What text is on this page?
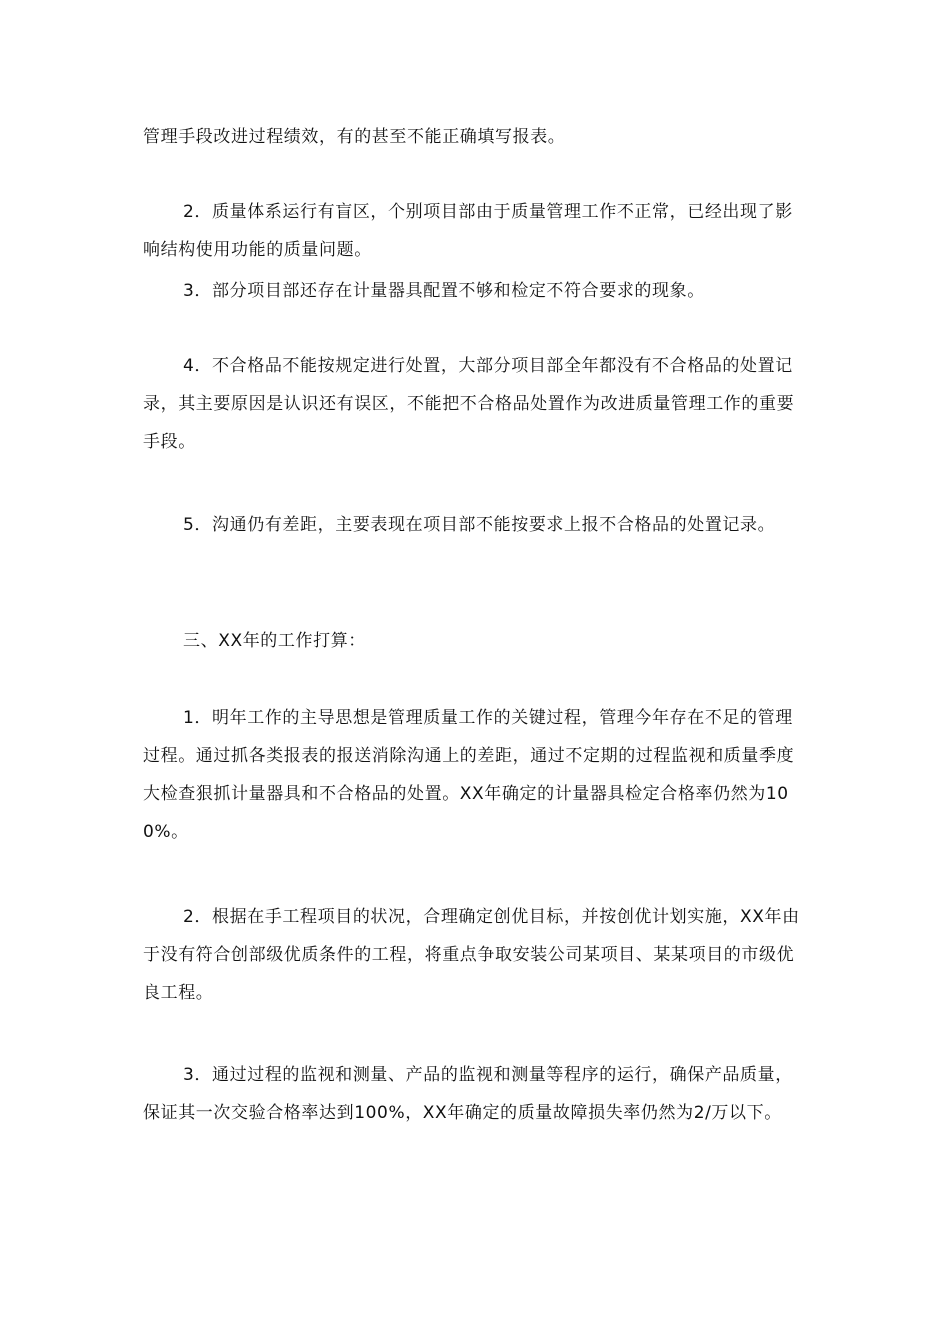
管理手段改进过程绩效，有的甚至不能正确填写报表。

2．质量体系运行有盲区，个别项目部由于质量管理工作不正常，已经出现了影响结构使用功能的质量问题。

3．部分项目部还存在计量器具配置不够和检定不符合要求的现象。

4．不合格品不能按规定进行处置，大部分项目部全年都没有不合格品的处置记录，其主要原因是认识还有误区，不能把不合格品处置作为改进质量管理工作的重要手段。

5．沟通仍有差距，主要表现在项目部不能按要求上报不合格品的处置记录。

三、XX年的工作打算：

1．明年工作的主导思想是管理质量工作的关键过程，管理今年存在不足的管理过程。通过抓各类报表的报送消除沟通上的差距，通过不定期的过程监视和质量季度大检查狠抓计量器具和不合格品的处置。XX年确定的计量器具检定合格率仍然为100%。

2．根据在手工程项目的状况，合理确定创优目标，并按创优计划实施，XX年由于没有符合创部级优质条件的工程，将重点争取安装公司某项目、某某项目的市级优良工程。

3．通过过程的监视和测量、产品的监视和测量等程序的运行，确保产品质量，保证其一次交验合格率达到100%，XX年确定的质量故障损失率仍然为2/万以下。
